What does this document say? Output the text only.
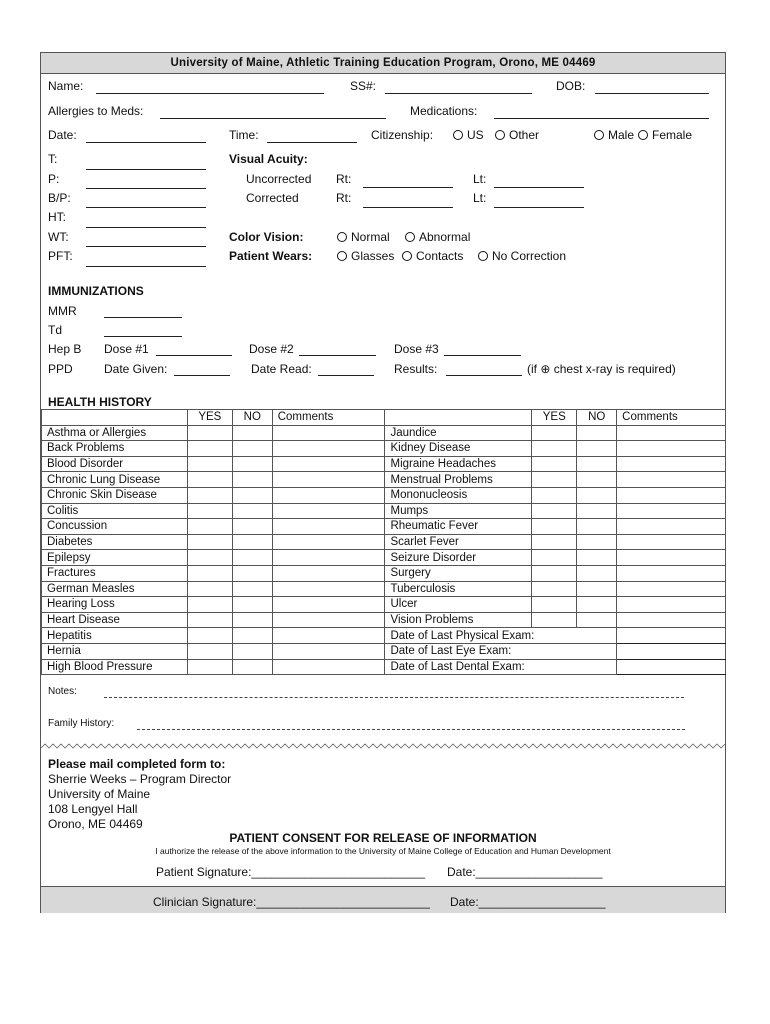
University of Maine, Athletic Training Education Program, Orono, ME 04469
Name:	SS#:	DOB:
Allergies to Meds:	Medications:
Date:	Time:	Citizenship:	US	Other	Male	Female
T:
P:
B/P:
HT:
WT:
PFT:
Visual Acuity:
Uncorrected Rt:	Lt:
Corrected	Rt:	Lt:
Color Vision:	Normal	Abnormal
Patient Wears:	Glasses	Contacts	No Correction
IMMUNIZATIONS
MMR
Td
Hep B Dose #1	Dose #2	Dose #3
PPD	Date Given:	Date Read:	Results:	(if ⊕ chest x-ray is required)
HEALTH HISTORY
	YES	NO	Comments		YES	NO	Comments
Asthma or Allergies				Jaundice			
Back Problems				Kidney Disease			
Blood Disorder				Migraine Headaches			
Chronic Lung Disease				Menstrual Problems			
Chronic Skin Disease				Mononucleosis			
Colitis				Mumps			
Concussion				Rheumatic Fever			
Diabetes				Scarlet Fever			
Epilepsy				Seizure Disorder			
Fractures				Surgery			
German Measles				Tuberculosis			
Hearing Loss				Ulcer			
Heart Disease				Vision Problems			
Hepatitis				Date of Last Physical Exam:			
Hernia				Date of Last Eye Exam:			
High Blood Pressure				Date of Last Dental Exam:			
Notes:
Family History:
Please mail completed form to:
Sherrie Weeks – Program Director
University of Maine
108 Lengyel Hall
Orono, ME 04469
PATIENT CONSENT FOR RELEASE OF INFORMATION
I authorize the release of the above information to the University of Maine College of Education and Human Development
Patient Signature:__________________________ Date:___________________
Clinician Signature:__________________________ Date:___________________
